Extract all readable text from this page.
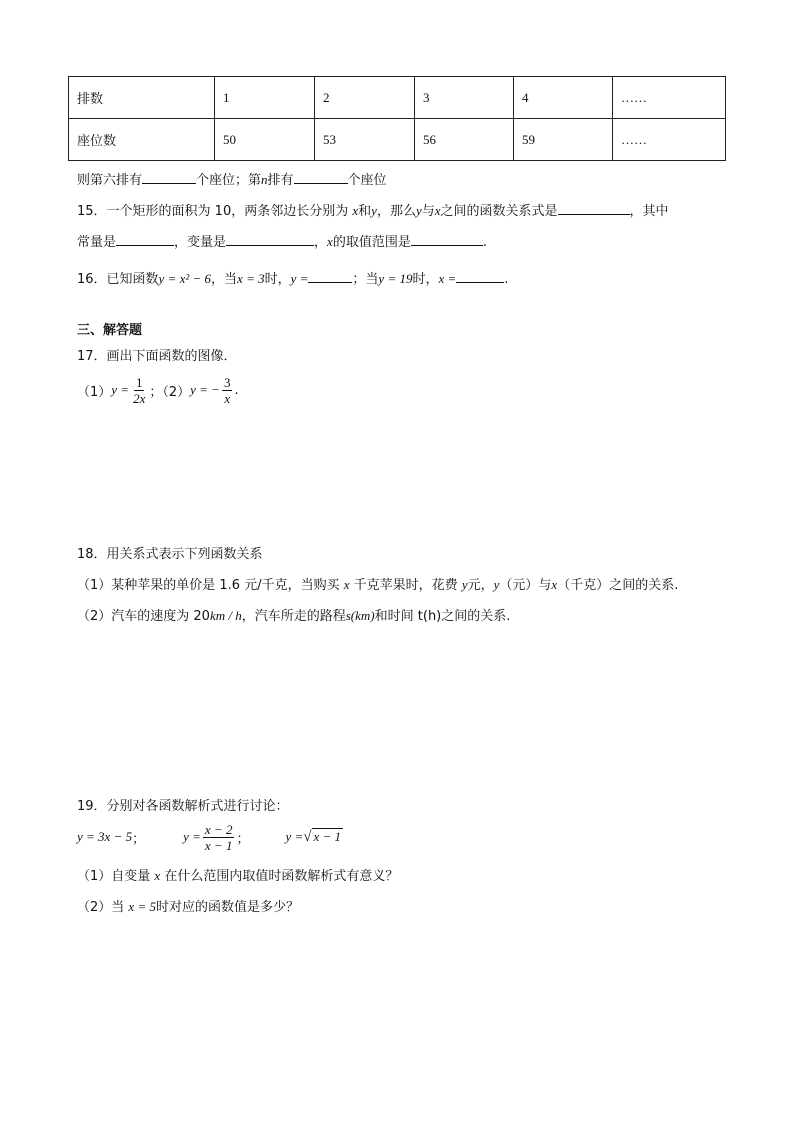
排数	1	2	3	4	……
座位数	50	53	56	59	……
则第六排有	个座位；第n排有	个座位
15．一个矩形的面积为 10，两条邻边长分别为 x和y，那么y与x之间的函数关系式是	，其中
常量是	，变量是	，x的取值范围是	.
16．已知函数y = x² − 6，当x = 3时，y =	；当y = 19时，x =	.
三、解答题
17．画出下面函数的图像．
（1） $y = \frac{1}{2x}$ ；（2） y = − $\frac{3}{x}$ .
18．用关系式表示下列函数关系
（1）某种苹果的单价是 1.6 元/千克，当购买 x 千克苹果时，花费 y元，y（元）与x（千克）之间的关系.
（2）汽车的速度为 20km / h，汽车所走的路程s(km)和时间 t(h)之间的关系.
19．分别对各函数解析式进行讨论：
y = 3x − 5 ；	$y = \frac{x - 2}{x - 1}$ ；	y = √ x − 1
（1）自变量 x 在什么范围内取值时函数解析式有意义？
（2）当 x = 5时对应的函数值是多少？
